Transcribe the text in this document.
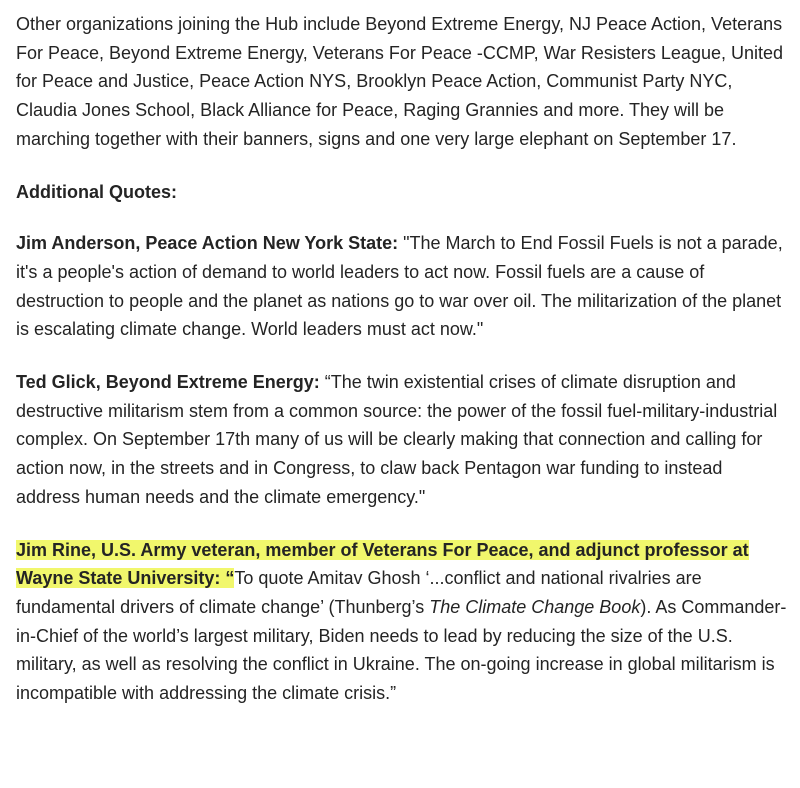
Other organizations joining the Hub include Beyond Extreme Energy, NJ Peace Action, Veterans For Peace, Beyond Extreme Energy, Veterans For Peace -CCMP, War Resisters League, United for Peace and Justice, Peace Action NYS, Brooklyn Peace Action, Communist Party NYC, Claudia Jones School, Black Alliance for Peace, Raging Grannies and more. They will be marching together with their banners, signs and one very large elephant on September 17.

Additional Quotes:

Jim Anderson, Peace Action New York State: "The March to End Fossil Fuels is not a parade, it's a people's action of demand to world leaders to act now. Fossil fuels are a cause of destruction to people and the planet as nations go to war over oil. The militarization of the planet is escalating climate change. World leaders must act now."

Ted Glick, Beyond Extreme Energy: “The twin existential crises of climate disruption and destructive militarism stem from a common source: the power of the fossil fuel-military-industrial complex. On September 17th many of us will be clearly making that connection and calling for action now, in the streets and in Congress, to claw back Pentagon war funding to instead address human needs and the climate emergency."

Jim Rine, U.S. Army veteran, member of Veterans For Peace, and adjunct professor at Wayne State University: “To quote Amitav Ghosh ‘...conflict and national rivalries are fundamental drivers of climate change’ (Thunberg’s The Climate Change Book). As Commander-in-Chief of the world’s largest military, Biden needs to lead by reducing the size of the U.S. military, as well as resolving the conflict in Ukraine. The on-going increase in global militarism is incompatible with addressing the climate crisis.”
